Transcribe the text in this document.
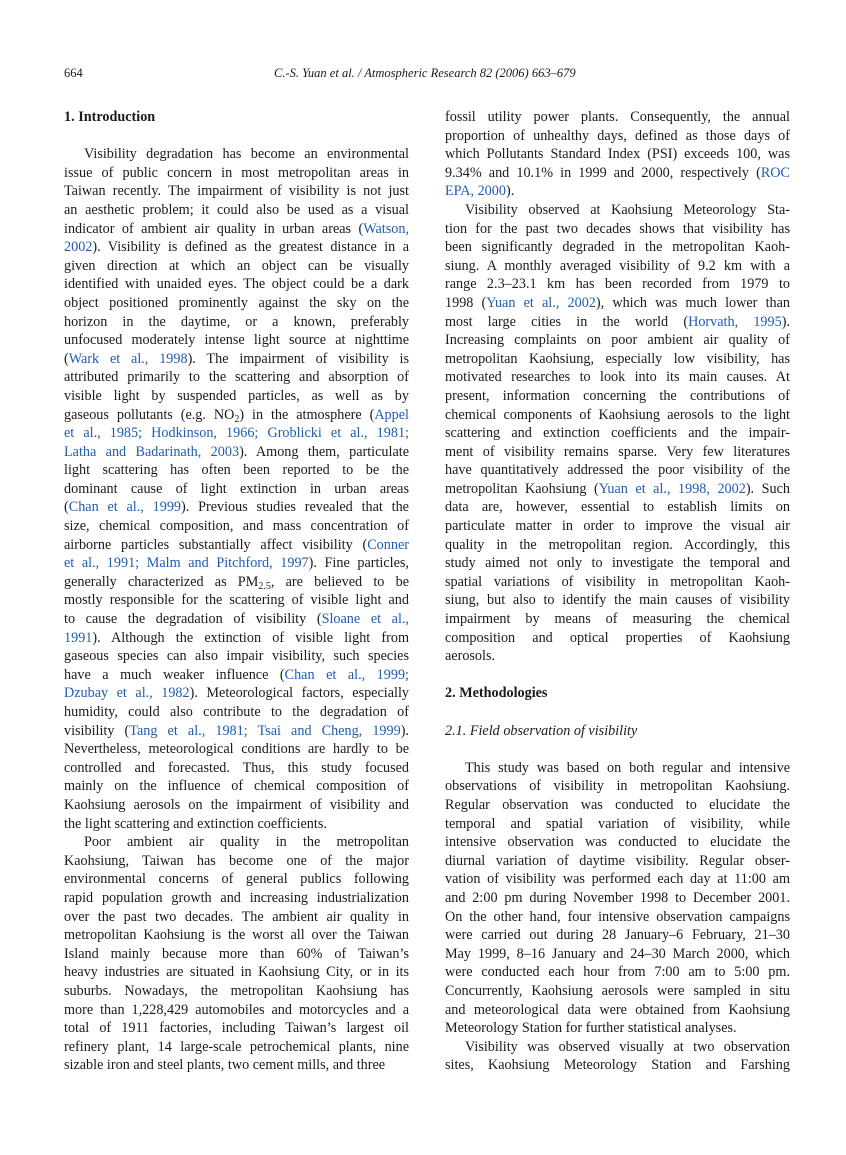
664	C.-S. Yuan et al. / Atmospheric Research 82 (2006) 663–679
1. Introduction
Visibility degradation has become an environmental
issue of public concern in most metropolitan areas in
Taiwan recently. The impairment of visibility is not just
an aesthetic problem; it could also be used as a visual
indicator of ambient air quality in urban areas (Watson,
2002). Visibility is defined as the greatest distance in a
given direction at which an object can be visually
identified with unaided eyes. The object could be a dark
object positioned prominently against the sky on the
horizon in the daytime, or a known, preferably
unfocused moderately intense light source at nighttime
(Wark et al., 1998). The impairment of visibility is
attributed primarily to the scattering and absorption of
visible light by suspended particles, as well as by
gaseous pollutants (e.g. $NO_2$) in the atmosphere (Appel
et al., 1985; Hodkinson, 1966; Groblicki et al., 1981;
Latha and Badarinath, 2003). Among them, particulate
light scattering has often been reported to be the
dominant cause of light extinction in urban areas
(Chan et al., 1999). Previous studies revealed that the
size, chemical composition, and mass concentration of
airborne particles substantially affect visibility (Conner
et al., 1991; Malm and Pitchford, 1997). Fine particles,
generally characterized as $PM_{2.5}$, are believed to be
mostly responsible for the scattering of visible light and
to cause the degradation of visibility (Sloane et al.,
1991). Although the extinction of visible light from
gaseous species can also impair visibility, such species
have a much weaker influence (Chan et al., 1999;
Dzubay et al., 1982). Meteorological factors, especially
humidity, could also contribute to the degradation of
visibility (Tang et al., 1981; Tsai and Cheng, 1999).
Nevertheless, meteorological conditions are hardly to be
controlled and forecasted. Thus, this study focused
mainly on the influence of chemical composition of
Kaohsiung aerosols on the impairment of visibility and
the light scattering and extinction coefficients.
Poor ambient air quality in the metropolitan
Kaohsiung, Taiwan has become one of the major
environmental concerns of general publics following
rapid population growth and increasing industrialization
over the past two decades. The ambient air quality in
metropolitan Kaohsiung is the worst all over the Taiwan
Island mainly because more than 60% of Taiwan’s
heavy industries are situated in Kaohsiung City, or in its
suburbs. Nowadays, the metropolitan Kaohsiung has
more than 1,228,429 automobiles and motorcycles and a
total of 1911 factories, including Taiwan’s largest oil
refinery plant, 14 large-scale petrochemical plants, nine
sizable iron and steel plants, two cement mills, and three
fossil utility power plants. Consequently, the annual
proportion of unhealthy days, defined as those days of
which Pollutants Standard Index (PSI) exceeds 100, was
9.34% and 10.1% in 1999 and 2000, respectively (ROC
EPA, 2000).
Visibility observed at Kaohsiung Meteorology Sta-
tion for the past two decades shows that visibility has
been significantly degraded in the metropolitan Kaoh-
siung. A monthly averaged visibility of 9.2 km with a
range 2.3–23.1 km has been recorded from 1979 to
1998 (Yuan et al., 2002), which was much lower than
most large cities in the world (Horvath, 1995).
Increasing complaints on poor ambient air quality of
metropolitan Kaohsiung, especially low visibility, has
motivated researches to look into its main causes. At
present, information concerning the contributions of
chemical components of Kaohsiung aerosols to the light
scattering and extinction coefficients and the impair-
ment of visibility remains sparse. Very few literatures
have quantitatively addressed the poor visibility of the
metropolitan Kaohsiung (Yuan et al., 1998, 2002). Such
data are, however, essential to establish limits on
particulate matter in order to improve the visual air
quality in the metropolitan region. Accordingly, this
study aimed not only to investigate the temporal and
spatial variations of visibility in metropolitan Kaoh-
siung, but also to identify the main causes of visibility
impairment by means of measuring the chemical
composition and optical properties of Kaohsiung
aerosols.
2. Methodologies
2.1. Field observation of visibility
This study was based on both regular and intensive
observations of visibility in metropolitan Kaohsiung.
Regular observation was conducted to elucidate the
temporal and spatial variation of visibility, while
intensive observation was conducted to elucidate the
diurnal variation of daytime visibility. Regular obser-
vation of visibility was performed each day at 11:00 am
and 2:00 pm during November 1998 to December 2001.
On the other hand, four intensive observation campaigns
were carried out during 28 January–6 February, 21–30
May 1999, 8–16 January and 24–30 March 2000, which
were conducted each hour from 7:00 am to 5:00 pm.
Concurrently, Kaohsiung aerosols were sampled in situ
and meteorological data were obtained from Kaohsiung
Meteorology Station for further statistical analyses.
Visibility was observed visually at two observation
sites, Kaohsiung Meteorology Station and Farshing
